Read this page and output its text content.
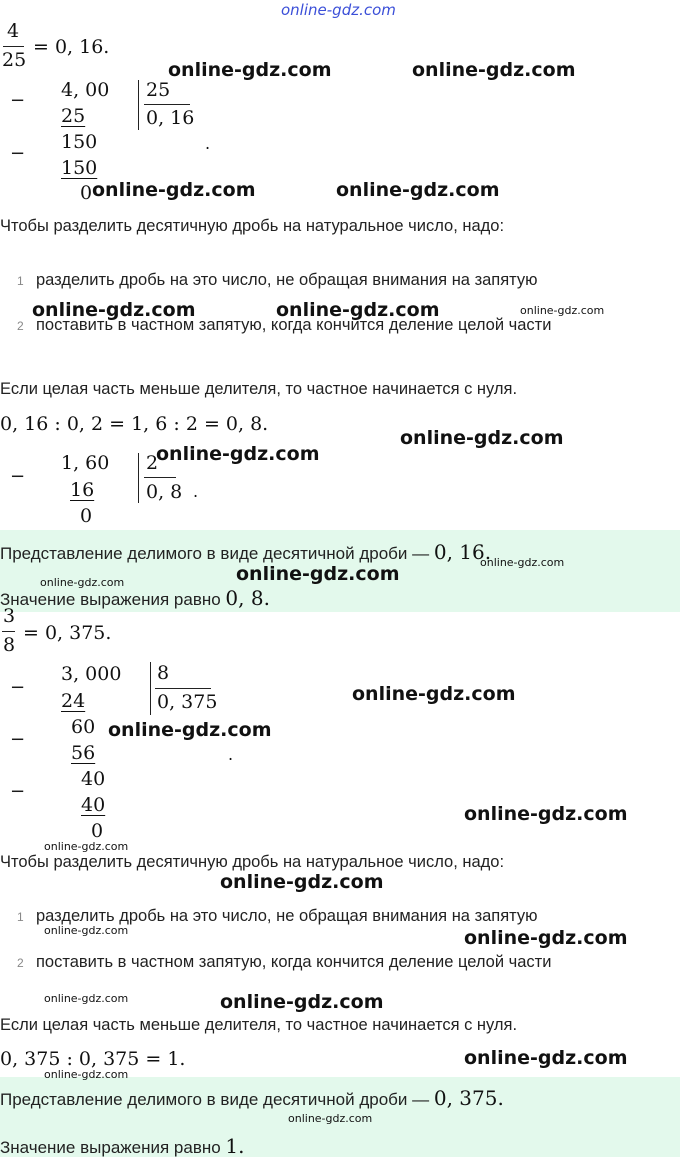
online-gdz.com
4
25
= 0, 16.
− 4, 00
25
25
0, 16
−
150
150
0
.
Чтобы разделить десятичную дробь на натуральное число, надо:
1 разделить дробь на это число, не обращая внимания на запятую
2 поставить в частном запятую, когда кончится деление целой части
Если целая часть меньше делителя, то частное начинается с нуля.
0, 16 : 0, 2 = 1, 6 : 2 = 0, 8.
−
1, 60
16
0
2
0, 8 .
Представление делимого в виде десятичной дроби — 0, 16.
Значение выражения равно 0, 8.
3
8
= 0, 375.
−
3, 000
24
8
0, 375
−
60
56
−
40
40
0
.
Чтобы разделить десятичную дробь на натуральное число, надо:
1 разделить дробь на это число, не обращая внимания на запятую
2 поставить в частном запятую, когда кончится деление целой части
Если целая часть меньше делителя, то частное начинается с нуля.
0, 375 : 0, 375 = 1.
Представление делимого в виде десятичной дроби — 0, 375.
Значение выражения равно 1.
online-gdz.com	online-gdz.com
online-gdz.com	online-gdz.com
online-gdz.com	online-gdz.com	online-gdz.com
online-gdz.com
online-gdz.com
online-gdz.com
online-gdz.com
online-gdz.com
online-gdz.com
online-gdz.com
online-gdz.com
online-gdz.com
online-gdz.com
online-gdz.com	online-gdz.com
online-gdz.com	online-gdz.com
online-gdz.com
online-gdz.com
online-gdz.com
